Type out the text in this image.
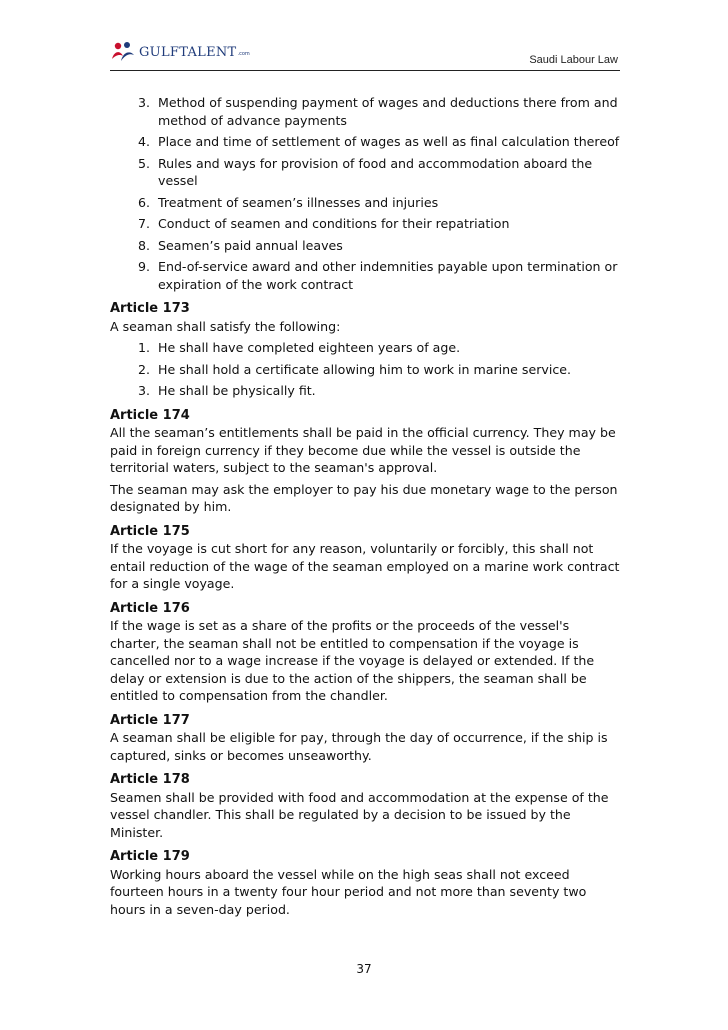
GULFTALENT .com	Saudi Labour Law
3. Method of suspending payment of wages and deductions there from and method of advance payments
4. Place and time of settlement of wages as well as final calculation thereof
5. Rules and ways for provision of food and accommodation aboard the vessel
6. Treatment of seamen’s illnesses and injuries
7. Conduct of seamen and conditions for their repatriation
8. Seamen’s paid annual leaves
9. End-of-service award and other indemnities payable upon termination or expiration of the work contract
Article 173

A seaman shall satisfy the following:

1. He shall have completed eighteen years of age.
2. He shall hold a certificate allowing him to work in marine service.
3. He shall be physically fit.
Article 174

All the seaman’s entitlements shall be paid in the official currency. They may be paid in foreign currency if they become due while the vessel is outside the territorial waters, subject to the seaman's approval.

The seaman may ask the employer to pay his due monetary wage to the person designated by him.

Article 175

If the voyage is cut short for any reason, voluntarily or forcibly, this shall not entail reduction of the wage of the seaman employed on a marine work contract for a single voyage.

Article 176

If the wage is set as a share of the profits or the proceeds of the vessel's charter, the seaman shall not be entitled to compensation if the voyage is cancelled nor to a wage increase if the voyage is delayed or extended. If the delay or extension is due to the action of the shippers, the seaman shall be entitled to compensation from the chandler.

Article 177

A seaman shall be eligible for pay, through the day of occurrence, if the ship is captured, sinks or becomes unseaworthy.

Article 178

Seamen shall be provided with food and accommodation at the expense of the vessel chandler. This shall be regulated by a decision to be issued by the Minister.

Article 179

Working hours aboard the vessel while on the high seas shall not exceed fourteen hours in a twenty four hour period and not more than seventy two hours in a seven-day period.

37
